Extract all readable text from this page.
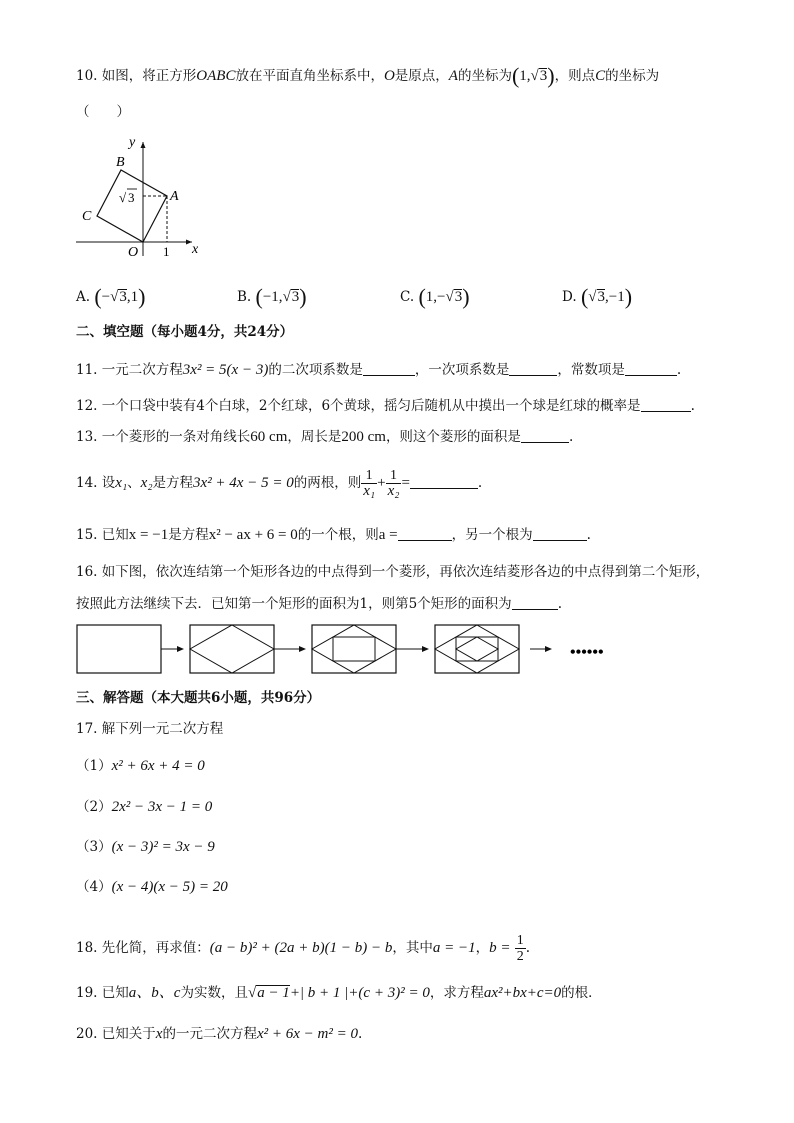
10. 如图，将正方形OABC放在平面直角坐标系中，O是原点，A的坐标为(1,√3)，则点C的坐标为
（　　）
y
x
B
A
C
O 1
√ 3
A. (−√3,1)	B. (−1,√3)	C. (1,−√3)	D. (√3,−1)
二、填空题（每小题4分，共24分）
11. 一元二次方程3x² = 5(x − 3)的二次项系数是	，一次项系数是	，常数项是	.
12. 一个口袋中装有4个白球，2个红球，6个黄球，摇匀后随机从中摸出一个球是红球的概率是	.
13. 一个菱形的一条对角线长60 cm，周长是200 cm，则这个菱形的面积是	.
14. 设x₁、x₂是方程3x² + 4x − 5 = 0的两根，则 $\frac{1}{\text{x₁}} + \frac{1}{\text{x₂}}$ =	.
15. 已知x = −1是方程x² − ax + 6 = 0的一个根，则a =	，另一个根为	.
16. 如下图，依次连结第一个矩形各边的中点得到一个菱形，再依次连结菱形各边的中点得到第二个矩形，
按照此方法继续下去．已知第一个矩形的面积为1，则第5个矩形的面积为	.
••••••
三、解答题（本大题共6小题，共96分）
17. 解下列一元二次方程
（1）x² + 6x + 4 = 0
（2）2x² − 3x − 1 = 0
（3）(x − 3)² = 3x − 9
（4）(x − 4)(x − 5) = 20
18. 先化简，再求值：(a − b)² + (2a + b)(1 − b) − b，其中a = −1，$b = \frac{1}{2}$ .
19. 已知a、b、c为实数，且√a − 1+| b + 1 |+(c + 3)² = 0，求方程ax²+bx+c=0的根．
20. 已知关于x的一元二次方程x² + 6x − m² = 0.
